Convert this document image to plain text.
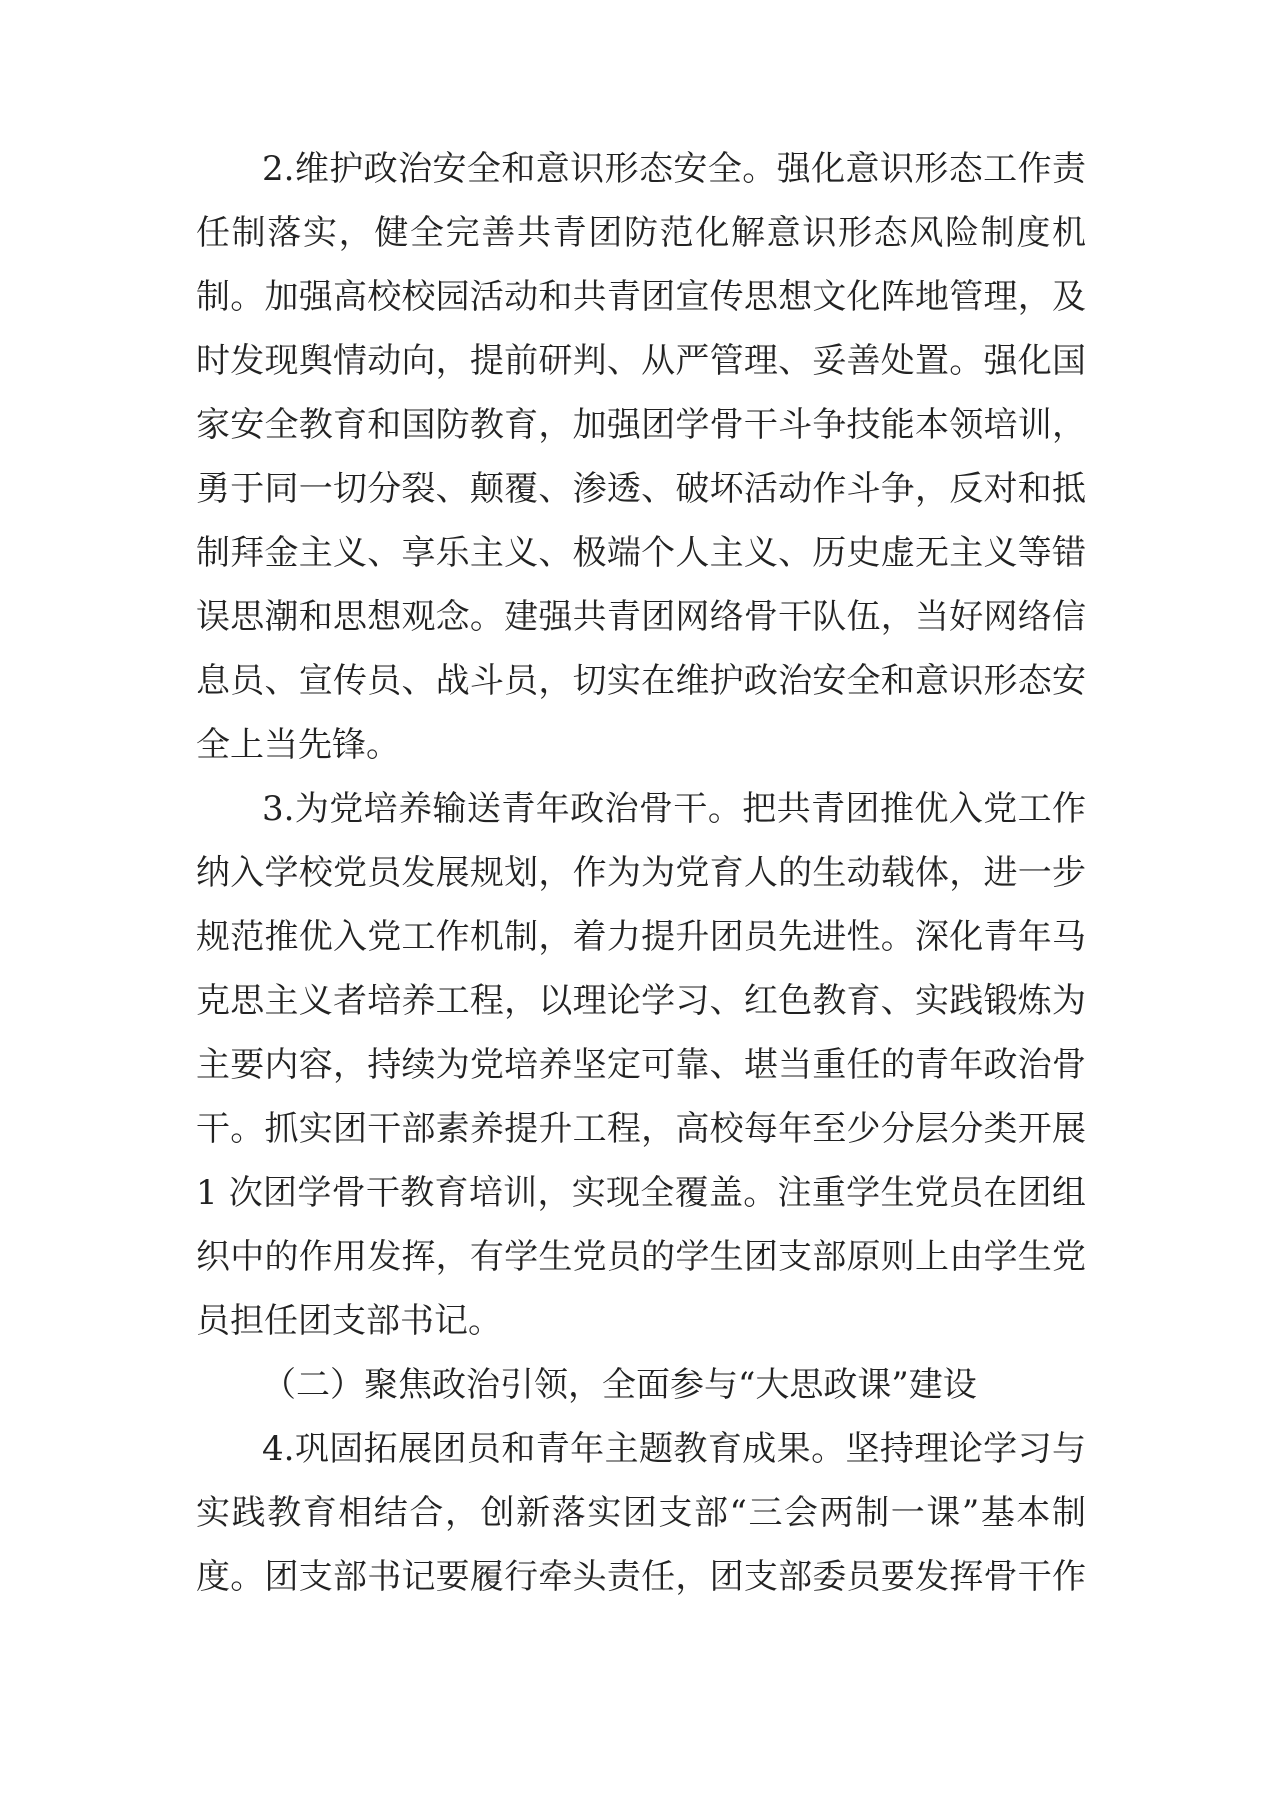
2.维护政治安全和意识形态安全。强化意识形态工作责
任制落实，健全完善共青团防范化解意识形态风险制度机
制。加强高校校园活动和共青团宣传思想文化阵地管理，及
时发现舆情动向，提前研判、从严管理、妥善处置。强化国
家安全教育和国防教育，加强团学骨干斗争技能本领培训，
勇于同一切分裂、颠覆、渗透、破坏活动作斗争，反对和抵
制拜金主义、享乐主义、极端个人主义、历史虚无主义等错
误思潮和思想观念。建强共青团网络骨干队伍，当好网络信
息员、宣传员、战斗员，切实在维护政治安全和意识形态安
全上当先锋。
3.为党培养输送青年政治骨干。把共青团推优入党工作
纳入学校党员发展规划，作为为党育人的生动载体，进一步
规范推优入党工作机制，着力提升团员先进性。深化青年马
克思主义者培养工程，以理论学习、红色教育、实践锻炼为
主要内容，持续为党培养坚定可靠、堪当重任的青年政治骨
干。抓实团干部素养提升工程，高校每年至少分层分类开展
1 次团学骨干教育培训，实现全覆盖。注重学生党员在团组
织中的作用发挥，有学生党员的学生团支部原则上由学生党
员担任团支部书记。
（二）聚焦政治引领，全面参与“大思政课”建设
4.巩固拓展团员和青年主题教育成果。坚持理论学习与
实践教育相结合，创新落实团支部“三会两制一课”基本制
度。团支部书记要履行牵头责任，团支部委员要发挥骨干作
